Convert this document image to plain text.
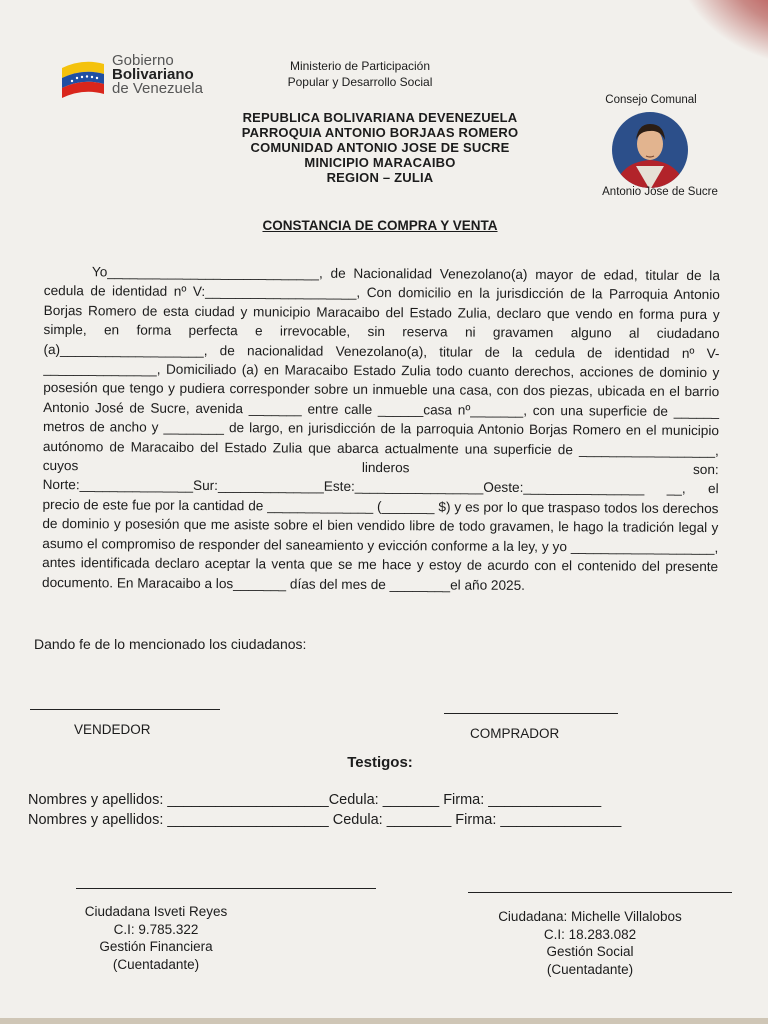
Gobierno
Bolivariano
de Venezuela
Ministerio de Participación
Popular y Desarrollo Social
REPUBLICA BOLIVARIANA DEVENEZUELA
PARROQUIA ANTONIO BORJAAS ROMERO
COMUNIDAD ANTONIO JOSE DE SUCRE
MINICIPIO MARACAIBO
REGION – ZULIA
Consejo Comunal
Antonio Jose de Sucre
CONSTANCIA DE COMPRA Y VENTA

Yo____________________________, de Nacionalidad Venezolano(a) mayor de edad, titular de la cedula de identidad nº V:____________________, Con domicilio en la jurisdicción de la Parroquia Antonio Borjas Romero de esta ciudad y municipio Maracaibo del Estado Zulia, declaro que vendo en forma pura y simple, en forma perfecta e irrevocable, sin reserva ni gravamen alguno al ciudadano (a)___________________, de nacionalidad Venezolano(a), titular de la cedula de identidad nº V-_______________, Domiciliado (a) en Maracaibo Estado Zulia todo cuanto derechos, acciones de dominio y posesión que tengo y pudiera corresponder sobre un inmueble una casa, con dos piezas, ubicada en el barrio Antonio José de Sucre, avenida _______ entre calle ______casa nº_______, con una superficie de ______ metros de ancho y ________ de largo, en jurisdicción de la parroquia Antonio Borjas Romero en el municipio autónomo de Maracaibo del Estado Zulia que abarca actualmente una superficie de __________________, cuyos linderos son: Norte:_______________Sur:______________Este:_________________Oeste:________________ __, el precio de este fue por la cantidad de ______________ (_______ $) y es por lo que traspaso todos los derechos de dominio y posesión que me asiste sobre el bien vendido libre de todo gravamen, le hago la tradición legal y asumo el compromiso de responder del saneamiento y evicción conforme a la ley, y yo ___________________, antes identificada declaro aceptar la venta que se me hace y estoy de acurdo con el contenido del presente documento. En Maracaibo a los_______ días del mes de ________el año 2025.

Dando fe de lo mencionado los ciudadanos:
VENDEDOR	COMPRADOR
Testigos:
Nombres y apellidos: ____________________Cedula: _______ Firma: ______________
Nombres y apellidos: ____________________ Cedula: ________ Firma: _______________
Ciudadana Isveti Reyes
C.I: 9.785.322
Gestión Financiera
(Cuentadante)
Ciudadana: Michelle Villalobos
C.I: 18.283.082
Gestión Social
(Cuentadante)
